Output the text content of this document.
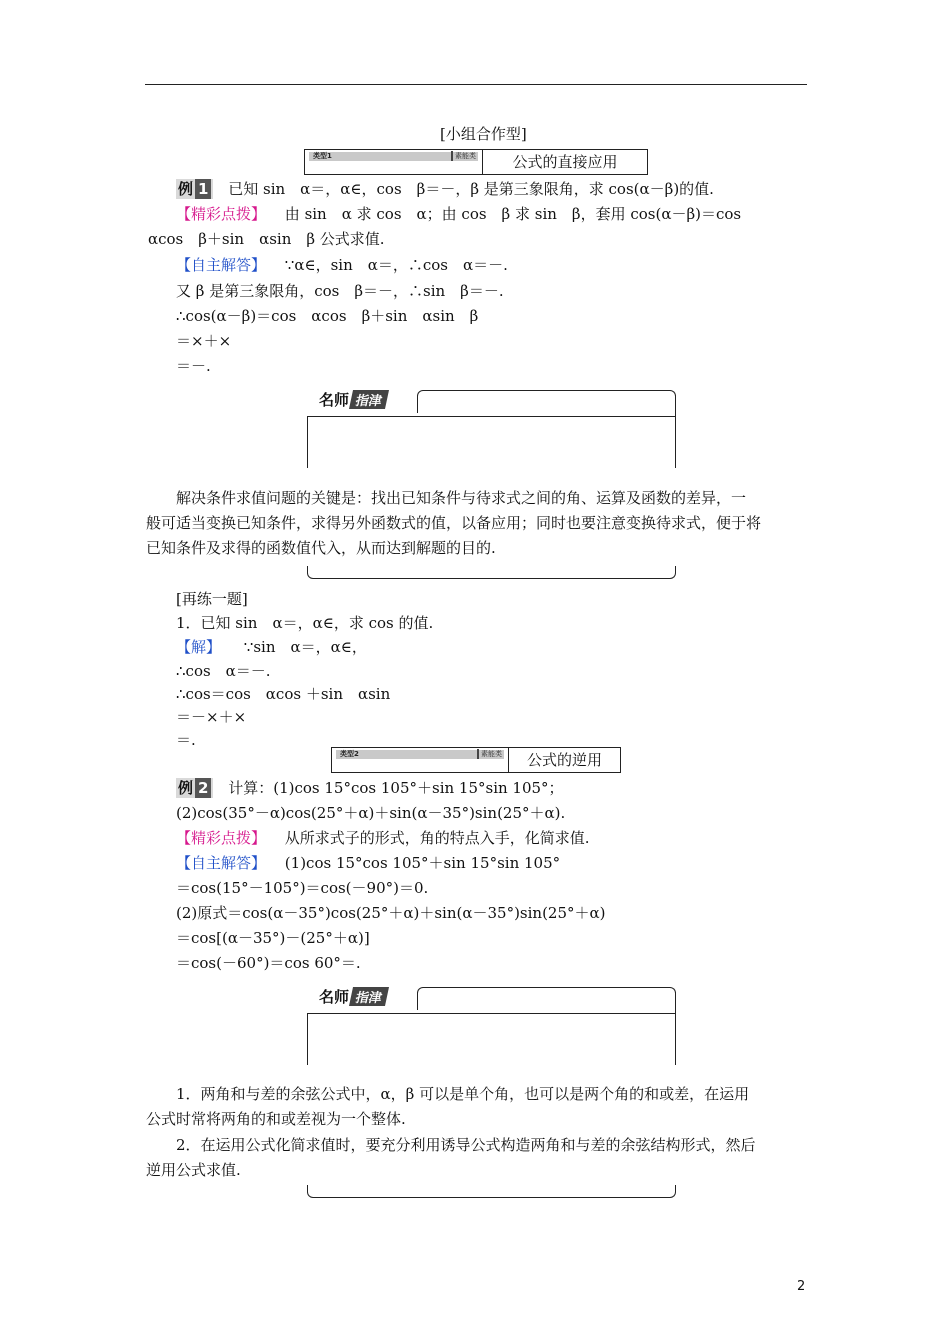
[小组合作型]
类型1	素能类	公式的直接应用
例 1 已知 sin　α＝，α∈，cos　β＝－，β 是第三象限角，求 cos(α－β)的值.
【精彩点拨】 由 sin　α 求 cos　α；由 cos　β 求 sin　β，套用 cos(α－β)＝cos
αcos　β＋sin　αsin　β 公式求值.
【自主解答】 ∵α∈，sin　α＝，∴cos　α＝－.
又 β 是第三象限角，cos　β＝－，∴sin　β＝－.
∴cos(α－β)＝cos　αcos　β＋sin　αsin　β
＝×＋×
＝－.
名师 指津
解决条件求值问题的关键是：找出已知条件与待求式之间的角、运算及函数的差异，一
般可适当变换已知条件，求得另外函数式的值，以备应用；同时也要注意变换待求式，便于将
已知条件及求得的函数值代入，从而达到解题的目的.
[再练一题]
1．已知 sin　α＝，α∈，求 cos 的值.
【解】 ∵sin　α＝，α∈，
∴cos　α＝－.
∴cos＝cos　αcos ＋sin　αsin
＝－×＋×
＝.
类型2	素能类	公式的逆用
例 2 计算：(1)cos 15°cos 105°＋sin 15°sin 105°；
(2)cos(35°－α)cos(25°＋α)＋sin(α－35°)sin(25°＋α).
【精彩点拨】 从所求式子的形式，角的特点入手，化简求值.
【自主解答】 (1)cos 15°cos 105°＋sin 15°sin 105°
＝cos(15°－105°)＝cos(－90°)＝0.
(2)原式＝cos(α－35°)cos(25°＋α)＋sin(α－35°)sin(25°＋α)
＝cos[(α－35°)－(25°＋α)]
＝cos(－60°)＝cos 60°＝.
名师 指津
1．两角和与差的余弦公式中，α，β 可以是单个角，也可以是两个角的和或差，在运用
公式时常将两角的和或差视为一个整体.
2．在运用公式化简求值时，要充分利用诱导公式构造两角和与差的余弦结构形式，然后
逆用公式求值.
2
